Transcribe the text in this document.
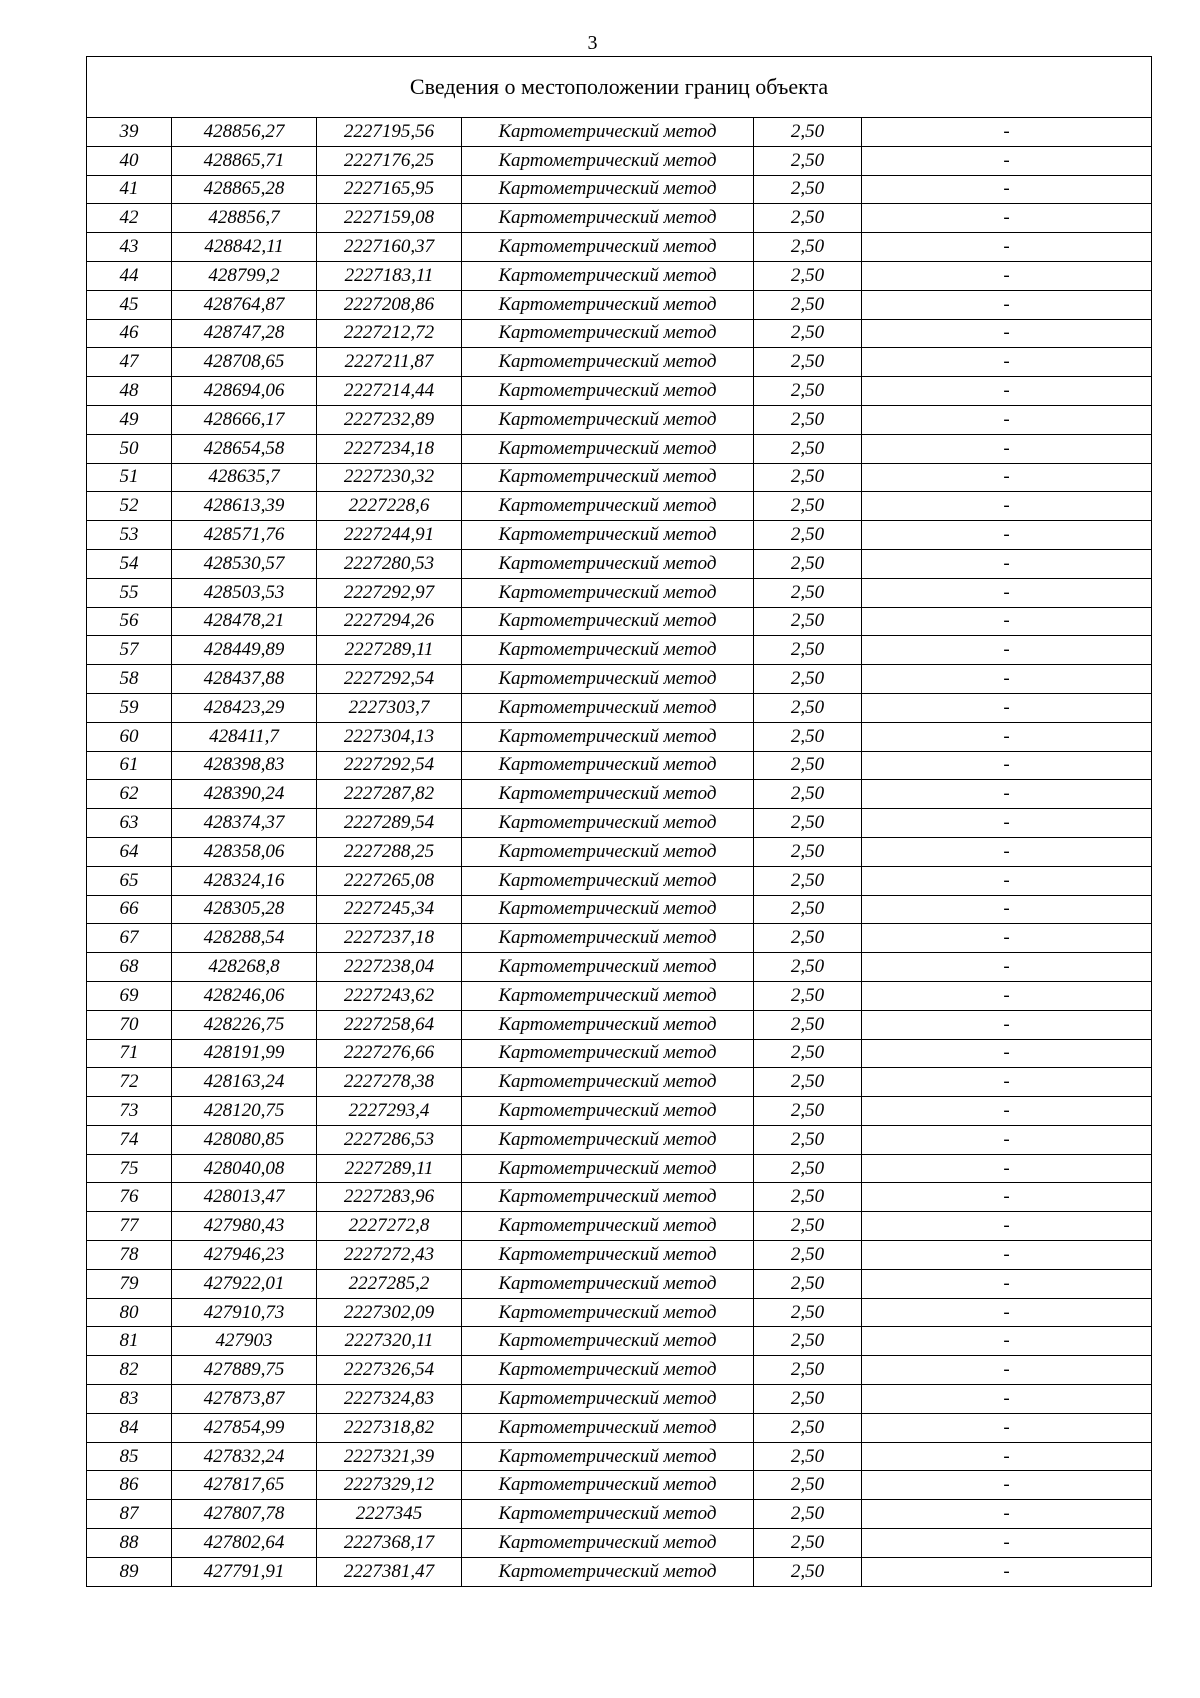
3
Сведения о местоположении границ объекта					
39	428856,27	2227195,56	Картометрический метод	2,50	-
40	428865,71	2227176,25	Картометрический метод	2,50	-
41	428865,28	2227165,95	Картометрический метод	2,50	-
42	428856,7	2227159,08	Картометрический метод	2,50	-
43	428842,11	2227160,37	Картометрический метод	2,50	-
44	428799,2	2227183,11	Картометрический метод	2,50	-
45	428764,87	2227208,86	Картометрический метод	2,50	-
46	428747,28	2227212,72	Картометрический метод	2,50	-
47	428708,65	2227211,87	Картометрический метод	2,50	-
48	428694,06	2227214,44	Картометрический метод	2,50	-
49	428666,17	2227232,89	Картометрический метод	2,50	-
50	428654,58	2227234,18	Картометрический метод	2,50	-
51	428635,7	2227230,32	Картометрический метод	2,50	-
52	428613,39	2227228,6	Картометрический метод	2,50	-
53	428571,76	2227244,91	Картометрический метод	2,50	-
54	428530,57	2227280,53	Картометрический метод	2,50	-
55	428503,53	2227292,97	Картометрический метод	2,50	-
56	428478,21	2227294,26	Картометрический метод	2,50	-
57	428449,89	2227289,11	Картометрический метод	2,50	-
58	428437,88	2227292,54	Картометрический метод	2,50	-
59	428423,29	2227303,7	Картометрический метод	2,50	-
60	428411,7	2227304,13	Картометрический метод	2,50	-
61	428398,83	2227292,54	Картометрический метод	2,50	-
62	428390,24	2227287,82	Картометрический метод	2,50	-
63	428374,37	2227289,54	Картометрический метод	2,50	-
64	428358,06	2227288,25	Картометрический метод	2,50	-
65	428324,16	2227265,08	Картометрический метод	2,50	-
66	428305,28	2227245,34	Картометрический метод	2,50	-
67	428288,54	2227237,18	Картометрический метод	2,50	-
68	428268,8	2227238,04	Картометрический метод	2,50	-
69	428246,06	2227243,62	Картометрический метод	2,50	-
70	428226,75	2227258,64	Картометрический метод	2,50	-
71	428191,99	2227276,66	Картометрический метод	2,50	-
72	428163,24	2227278,38	Картометрический метод	2,50	-
73	428120,75	2227293,4	Картометрический метод	2,50	-
74	428080,85	2227286,53	Картометрический метод	2,50	-
75	428040,08	2227289,11	Картометрический метод	2,50	-
76	428013,47	2227283,96	Картометрический метод	2,50	-
77	427980,43	2227272,8	Картометрический метод	2,50	-
78	427946,23	2227272,43	Картометрический метод	2,50	-
79	427922,01	2227285,2	Картометрический метод	2,50	-
80	427910,73	2227302,09	Картометрический метод	2,50	-
81	427903	2227320,11	Картометрический метод	2,50	-
82	427889,75	2227326,54	Картометрический метод	2,50	-
83	427873,87	2227324,83	Картометрический метод	2,50	-
84	427854,99	2227318,82	Картометрический метод	2,50	-
85	427832,24	2227321,39	Картометрический метод	2,50	-
86	427817,65	2227329,12	Картометрический метод	2,50	-
87	427807,78	2227345	Картометрический метод	2,50	-
88	427802,64	2227368,17	Картометрический метод	2,50	-
89	427791,91	2227381,47	Картометрический метод	2,50	-
